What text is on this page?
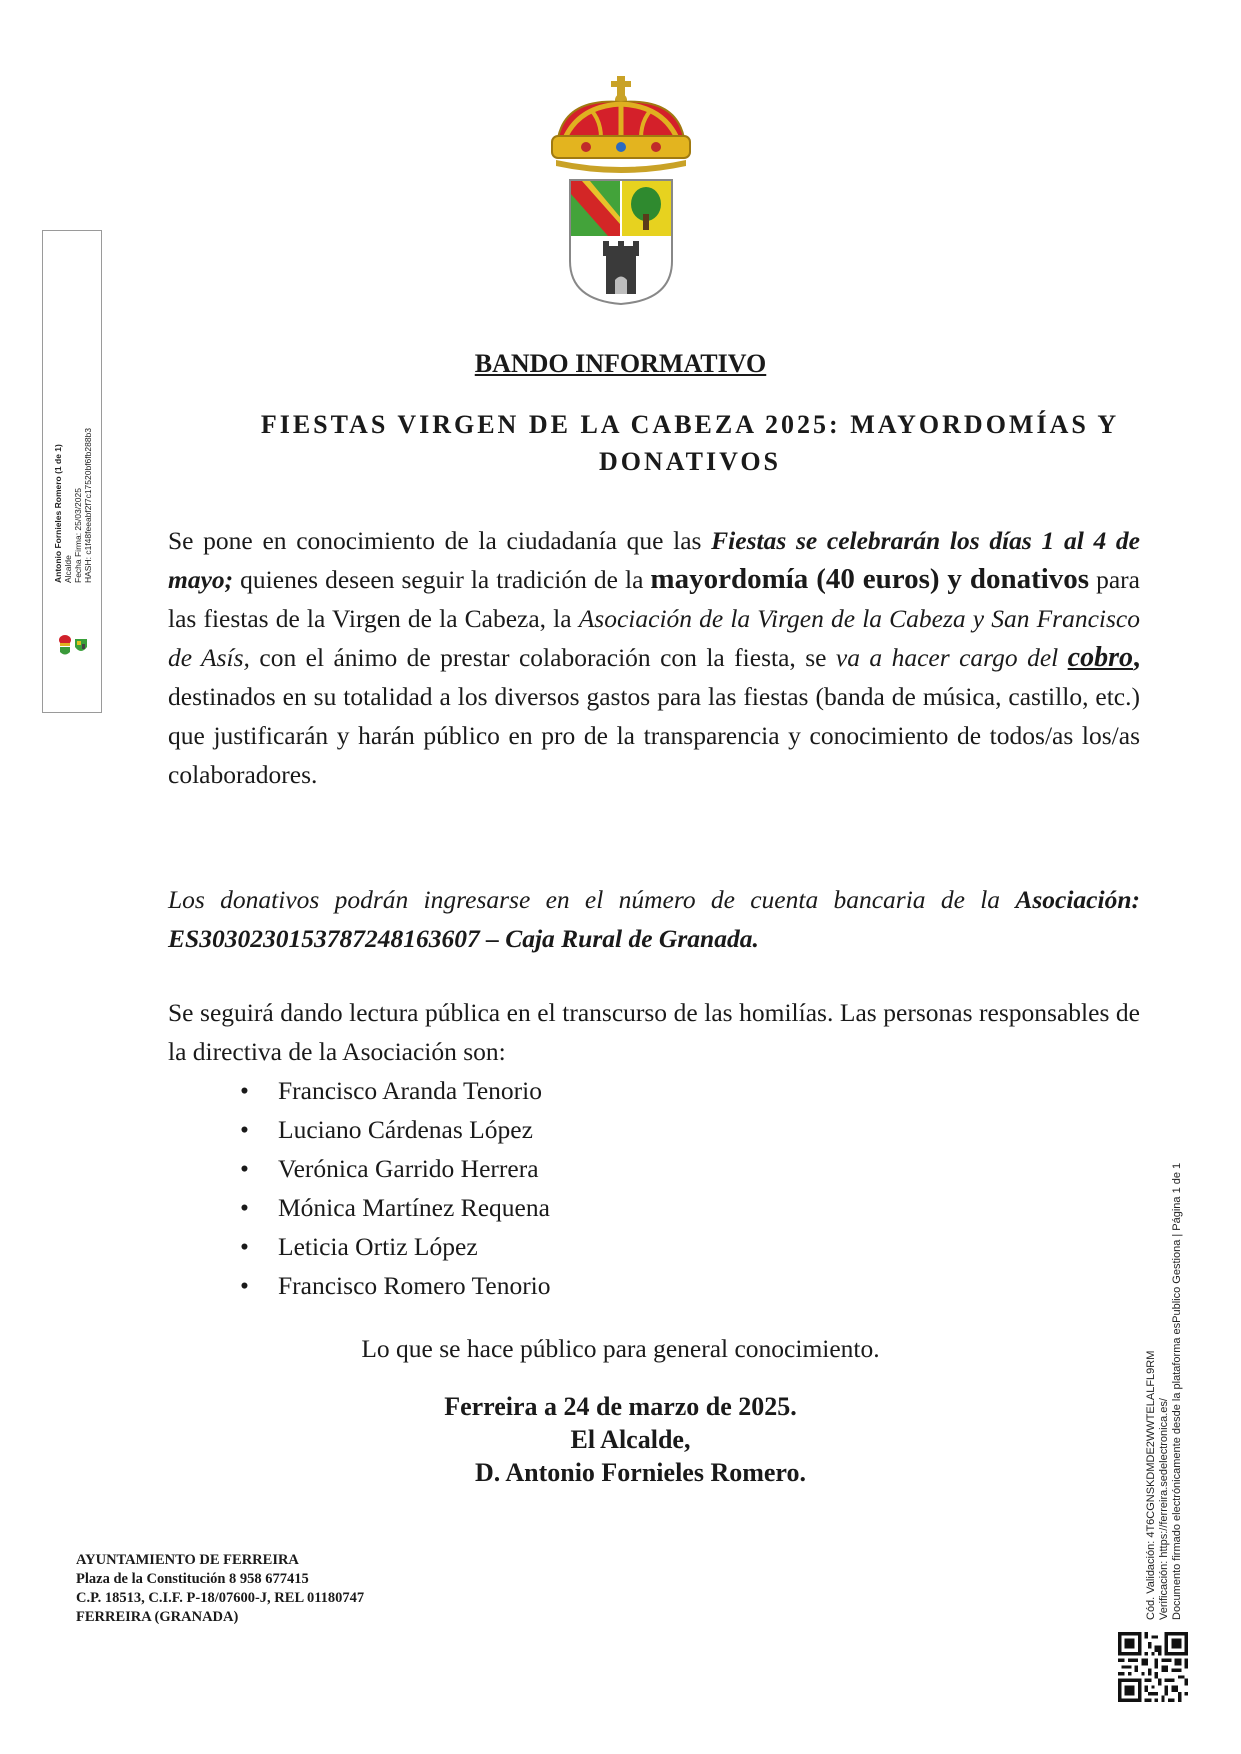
Antonio Fornieles Romero (1 de 1) Alcalde Fecha Firma: 25/03/2025 HASH: c1f48feeabf2f7c17520bf6fb288b3
BANDO INFORMATIVO
FIESTAS VIRGEN DE LA CABEZA 2025: MAYORDOMÍAS Y DONATIVOS
Se pone en conocimiento de la ciudadanía que las Fiestas se celebrarán los días 1 al 4 de mayo; quienes deseen seguir la tradición de la mayordomía (40 euros) y donativos para las fiestas de la Virgen de la Cabeza, la Asociación de la Virgen de la Cabeza y San Francisco de Asís, con el ánimo de prestar colaboración con la fiesta, se va a hacer cargo del cobro, destinados en su totalidad a los diversos gastos para las fiestas (banda de música, castillo, etc.) que justificarán y harán público en pro de la transparencia y conocimiento de todos/as los/as colaboradores.
Los donativos podrán ingresarse en el número de cuenta bancaria de la Asociación: ES3030230153787248163607 – Caja Rural de Granada.
Se seguirá dando lectura pública en el transcurso de las homilías. Las personas responsables de la directiva de la Asociación son:
• Francisco Aranda Tenorio
• Luciano Cárdenas López
• Verónica Garrido Herrera
• Mónica Martínez Requena
• Leticia Ortiz López
• Francisco Romero Tenorio
Lo que se hace público para general conocimiento.
Ferreira a 24 de marzo de 2025.
El Alcalde,
D. Antonio Fornieles Romero.
AYUNTAMIENTO DE FERREIRA
Plaza de la Constitución 8 958 677415
C.P. 18513, C.I.F. P-18/07600-J, REL 01180747
FERREIRA (GRANADA)	Cód. Validación: 4T6CGNSKDMDE2WWTELALFL9RM Verificación: https://ferreira.sedelectronica.es/ Documento firmado electrónicamente desde la plataforma esPublico Gestiona | Página 1 de 1
